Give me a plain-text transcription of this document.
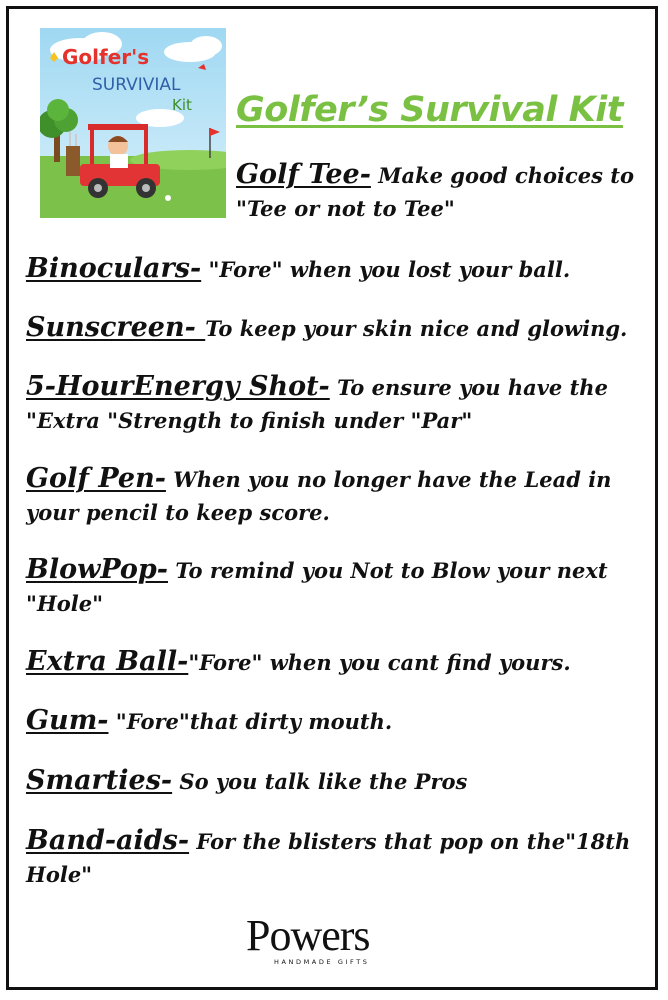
Golfer's
SURVIVIAL
Kit Golfer’s Survival Kit
Golf Tee- Make good choices to
"Tee or not to Tee"
Binoculars- "Fore" when you lost your ball.
Sunscreen- To keep your skin nice and glowing.
5-HourEnergy Shot- To ensure you have the
"Extra "Strength to finish under "Par"
Golf Pen- When you no longer have the Lead in
your pencil to keep score.
BlowPop- To remind you Not to Blow your next
"Hole"
Extra Ball-"Fore" when you cant find yours.
Gum- "Fore"that dirty mouth.
Smarties- So you talk like the Pros
Band-aids- For the blisters that pop on the"18th
Hole"
Powers
HANDMADE GIFTS
